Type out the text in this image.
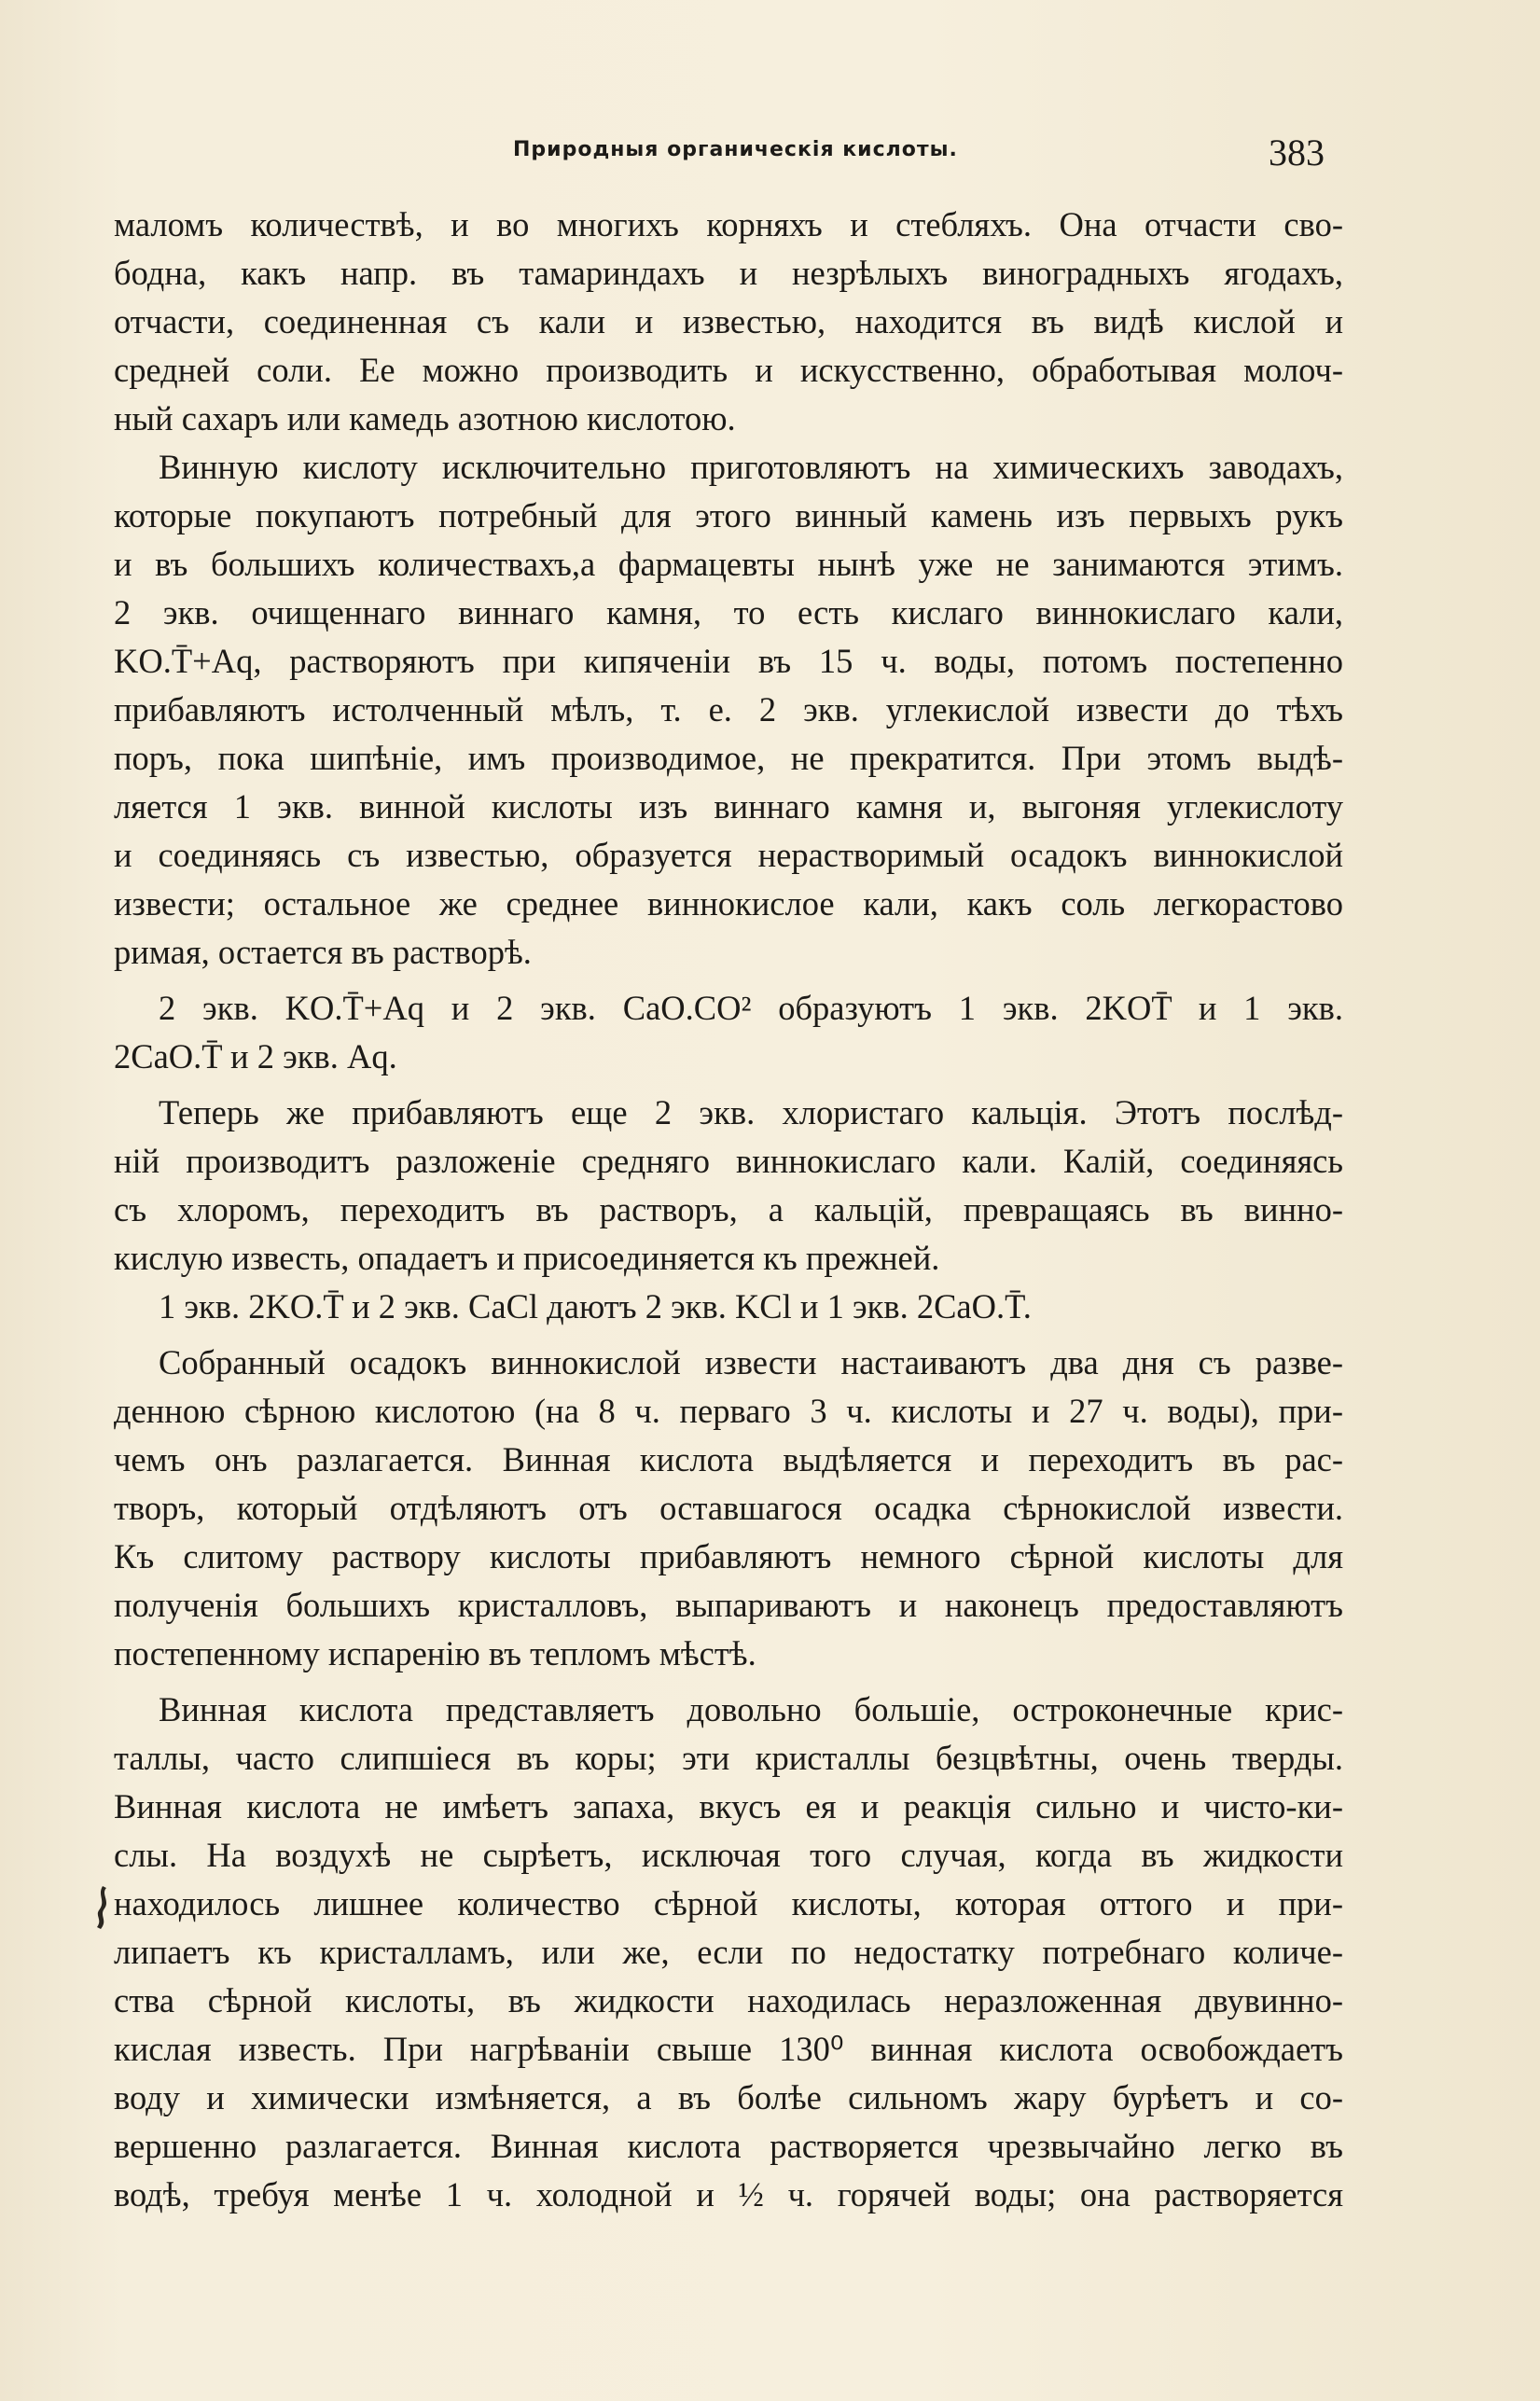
Природныя органическія кислоты.	383
маломъ количествѣ, и во многихъ корняхъ и стебляхъ. Она отчасти сво-
бодна, какъ напр. въ тамариндахъ и незрѣлыхъ виноградныхъ ягодахъ,
отчасти, соединенная съ кали и известью, находится въ видѣ кислой и
средней соли. Ее можно производить и искусственно, обработывая молоч-
ный сахаръ или камедь азотною кислотою.
Винную кислоту исключительно приготовляютъ на химическихъ заводахъ,
которые покупаютъ потребный для этого винный камень изъ первыхъ рукъ
и въ большихъ количествахъ,а фармацевты нынѣ уже не занимаются этимъ.
2 экв. очищеннаго виннаго камня, то есть кислаго виннокислаго кали,
KO.T̄+Aq, растворяютъ при кипяченіи въ 15 ч. воды, потомъ постепенно
прибавляютъ истолченный мѣлъ, т. е. 2 экв. углекислой извести до тѣхъ
поръ, пока шипѣніе, имъ производимое, не прекратится. При этомъ выдѣ-
ляется 1 экв. винной кислоты изъ виннаго камня и, выгоняя углекислоту
и соединяясь съ известью, образуется нерастворимый осадокъ виннокислой
извести; остальное же среднее виннокислое кали, какъ соль легкорастово
римая, остается въ растворѣ.
2 экв. KO.T̄+Aq и 2 экв. CaO.CO² образуютъ 1 экв. 2KOT̄ и 1 экв.
2CaO.T̄ и 2 экв. Aq.
Теперь же прибавляютъ еще 2 экв. хлористаго кальція. Этотъ послѣд-
ній производитъ разложеніе средняго виннокислаго кали. Калій, соединяясь
съ хлоромъ, переходитъ въ растворъ, а кальцій, превращаясь въ винно-
кислую известь, опадаетъ и присоединяется къ прежней.
1 экв. 2KO.T̄ и 2 экв. CaCl даютъ 2 экв. KCl и 1 экв. 2CaO.T̄.
Собранный осадокъ виннокислой извести настаиваютъ два дня съ разве-
денною сѣрною кислотою (на 8 ч. перваго 3 ч. кислоты и 27 ч. воды), при-
чемъ онъ разлагается. Винная кислота выдѣляется и переходитъ въ рас-
творъ, который отдѣляютъ отъ оставшагося осадка сѣрнокислой извести.
Къ слитому раствору кислоты прибавляютъ немного сѣрной кислоты для
полученія большихъ кристалловъ, выпариваютъ и наконецъ предоставляютъ
постепенному испаренію въ тепломъ мѣстѣ.
Винная кислота представляетъ довольно большіе, остроконечные крис-
таллы, часто слипшіеся въ коры; эти кристаллы безцвѣтны, очень тверды.
Винная кислота не имѣетъ запаха, вкусъ ея и реакція сильно и чисто-ки-
слы. На воздухѣ не сырѣетъ, исключая того случая, когда въ жидкости
находилось лишнее количество сѣрной кислоты, которая оттого и при-
липаетъ къ кристалламъ, или же, если по недостатку потребнаго количе-
ства сѣрной кислоты, въ жидкости находилась неразложенная двувинно-
кислая известь. При нагрѣваніи свыше 130⁰ винная кислота освобождаетъ
воду и химически измѣняется, а въ болѣе сильномъ жару бурѣетъ и со-
вершенно разлагается. Винная кислота растворяется чрезвычайно легко въ
водѣ, требуя менѣе 1 ч. холодной и ½ ч. горячей воды; она растворяется
